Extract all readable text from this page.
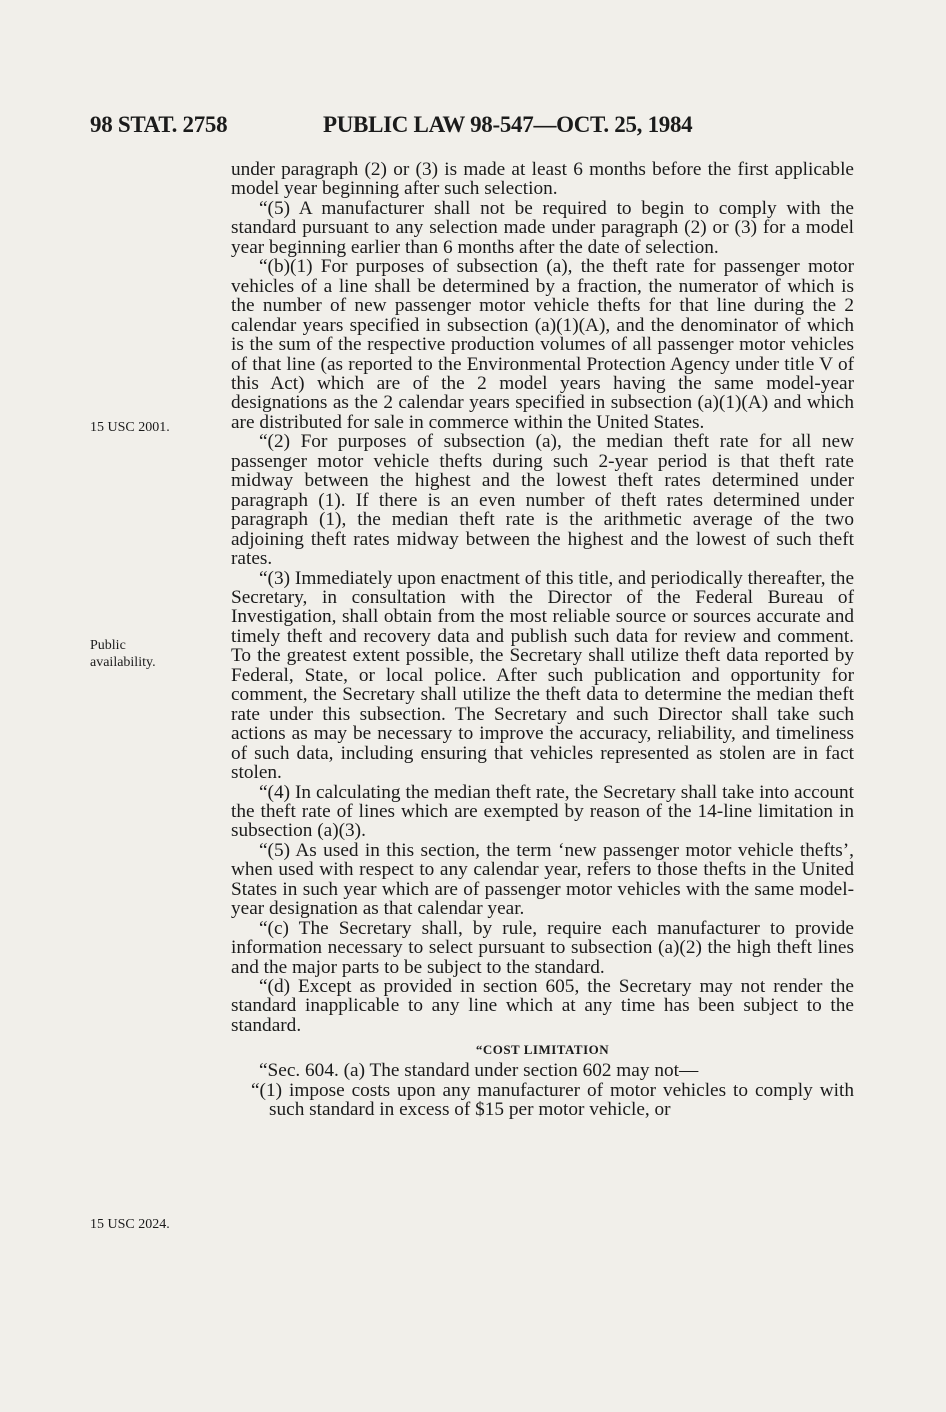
98 STAT. 2758	PUBLIC LAW 98-547—OCT. 25, 1984
15 USC 2001.
Public
availability.
15 USC 2024.

under paragraph (2) or (3) is made at least 6 months before the first applicable model year beginning after such selection.

“(5) A manufacturer shall not be required to begin to comply with the standard pursuant to any selection made under paragraph (2) or (3) for a model year beginning earlier than 6 months after the date of selection.

“(b)(1) For purposes of subsection (a), the theft rate for passenger motor vehicles of a line shall be determined by a fraction, the numerator of which is the number of new passenger motor vehicle thefts for that line during the 2 calendar years specified in subsection (a)(1)(A), and the denominator of which is the sum of the respective production volumes of all passenger motor vehicles of that line (as reported to the Environmental Protection Agency under title V of this Act) which are of the 2 model years having the same model-year designations as the 2 calendar years specified in subsection (a)(1)(A) and which are distributed for sale in commerce within the United States.

“(2) For purposes of subsection (a), the median theft rate for all new passenger motor vehicle thefts during such 2-year period is that theft rate midway between the highest and the lowest theft rates determined under paragraph (1). If there is an even number of theft rates determined under paragraph (1), the median theft rate is the arithmetic average of the two adjoining theft rates midway between the highest and the lowest of such theft rates.

“(3) Immediately upon enactment of this title, and periodically thereafter, the Secretary, in consultation with the Director of the Federal Bureau of Investigation, shall obtain from the most reliable source or sources accurate and timely theft and recovery data and publish such data for review and comment. To the greatest extent possible, the Secretary shall utilize theft data reported by Federal, State, or local police. After such publication and opportunity for comment, the Secretary shall utilize the theft data to determine the median theft rate under this subsection. The Secretary and such Director shall take such actions as may be necessary to improve the accuracy, reliability, and timeliness of such data, including ensuring that vehicles represented as stolen are in fact stolen.

“(4) In calculating the median theft rate, the Secretary shall take into account the theft rate of lines which are exempted by reason of the 14-line limitation in subsection (a)(3).

“(5) As used in this section, the term ‘new passenger motor vehicle thefts’, when used with respect to any calendar year, refers to those thefts in the United States in such year which are of passenger motor vehicles with the same model-year designation as that calendar year.

“(c) The Secretary shall, by rule, require each manufacturer to provide information necessary to select pursuant to subsection (a)(2) the high theft lines and the major parts to be subject to the standard.

“(d) Except as provided in section 605, the Secretary may not render the standard inapplicable to any line which at any time has been subject to the standard.

“COST LIMITATION

“Sec. 604. (a) The standard under section 602 may not—

“(1) impose costs upon any manufacturer of motor vehicles to comply with such standard in excess of $15 per motor vehicle, or
